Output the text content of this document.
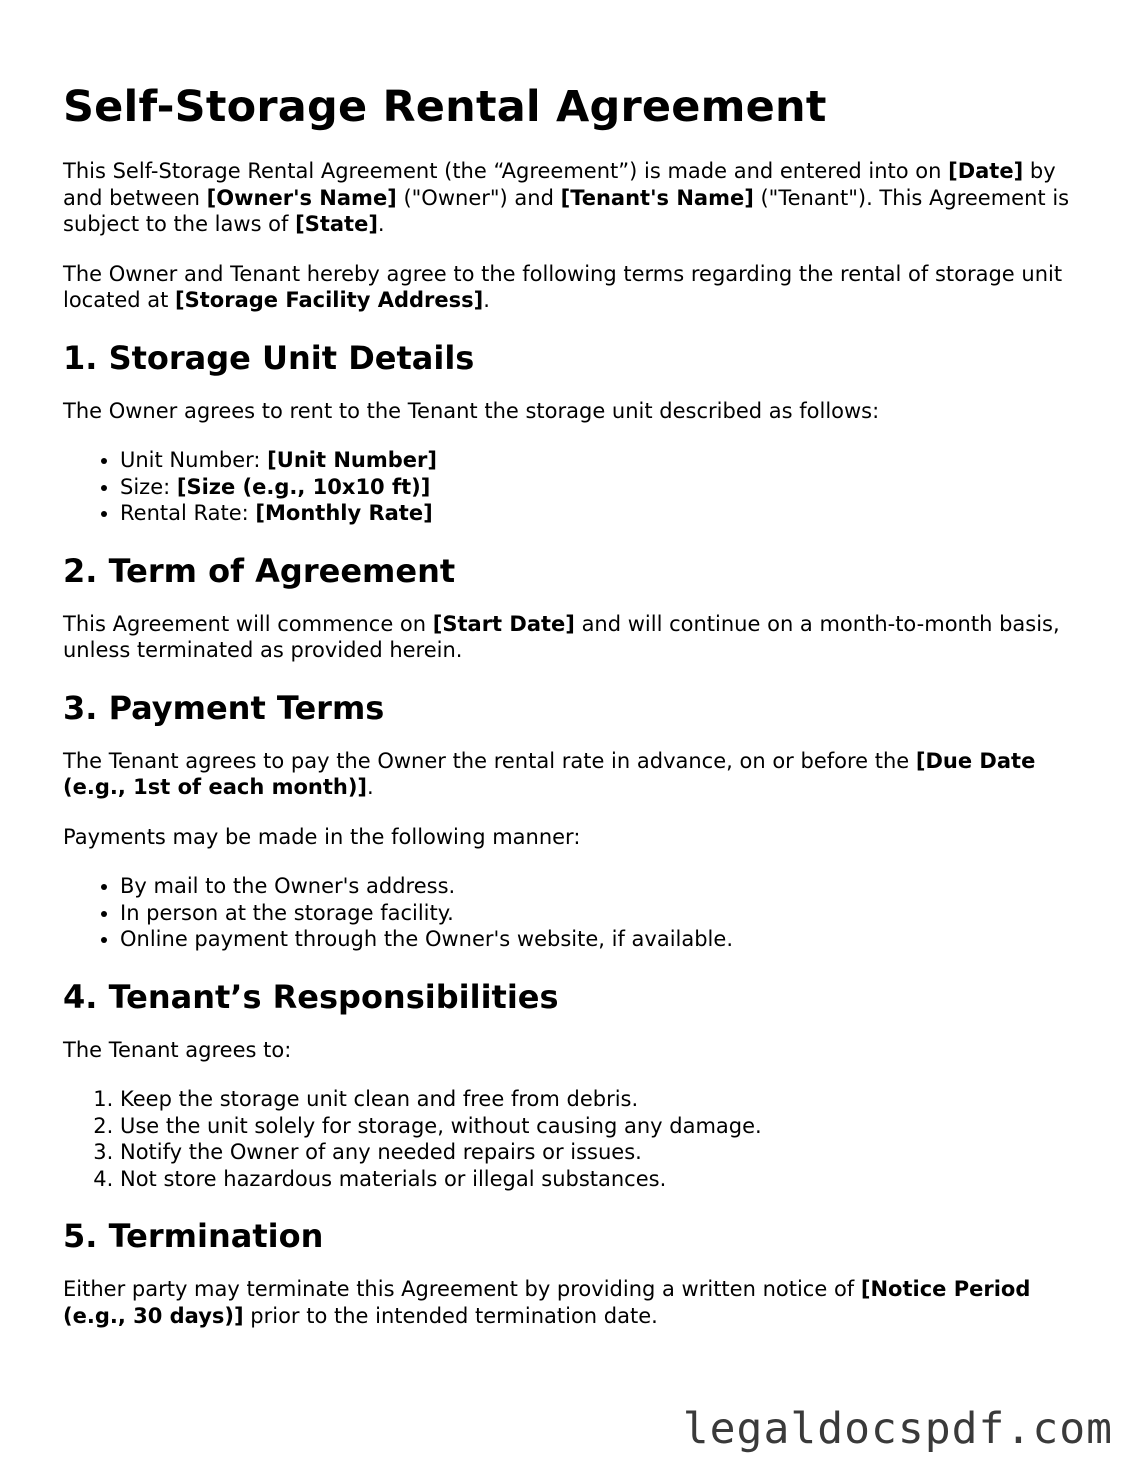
Self-Storage Rental Agreement

This Self-Storage Rental Agreement (the “Agreement”) is made and entered into on [Date] by and between [Owner's Name] ("Owner") and [Tenant's Name] ("Tenant"). This Agreement is subject to the laws of [State].

The Owner and Tenant hereby agree to the following terms regarding the rental of storage unit located at [Storage Facility Address].

1. Storage Unit Details

The Owner agrees to rent to the Tenant the storage unit described as follows:

• Unit Number: [Unit Number]
• Size: [Size (e.g., 10x10 ft)]
• Rental Rate: [Monthly Rate]
2. Term of Agreement

This Agreement will commence on [Start Date] and will continue on a month-to-month basis, unless terminated as provided herein.

3. Payment Terms

The Tenant agrees to pay the Owner the rental rate in advance, on or before the [Due Date (e.g., 1st of each month)].

Payments may be made in the following manner:

• By mail to the Owner's address.
• In person at the storage facility.
• Online payment through the Owner's website, if available.
4. Tenant’s Responsibilities

The Tenant agrees to:

1. Keep the storage unit clean and free from debris.
2. Use the unit solely for storage, without causing any damage.
3. Notify the Owner of any needed repairs or issues.
4. Not store hazardous materials or illegal substances.
5. Termination

Either party may terminate this Agreement by providing a written notice of [Notice Period (e.g., 30 days)] prior to the intended termination date.

legaldocspdf.com
